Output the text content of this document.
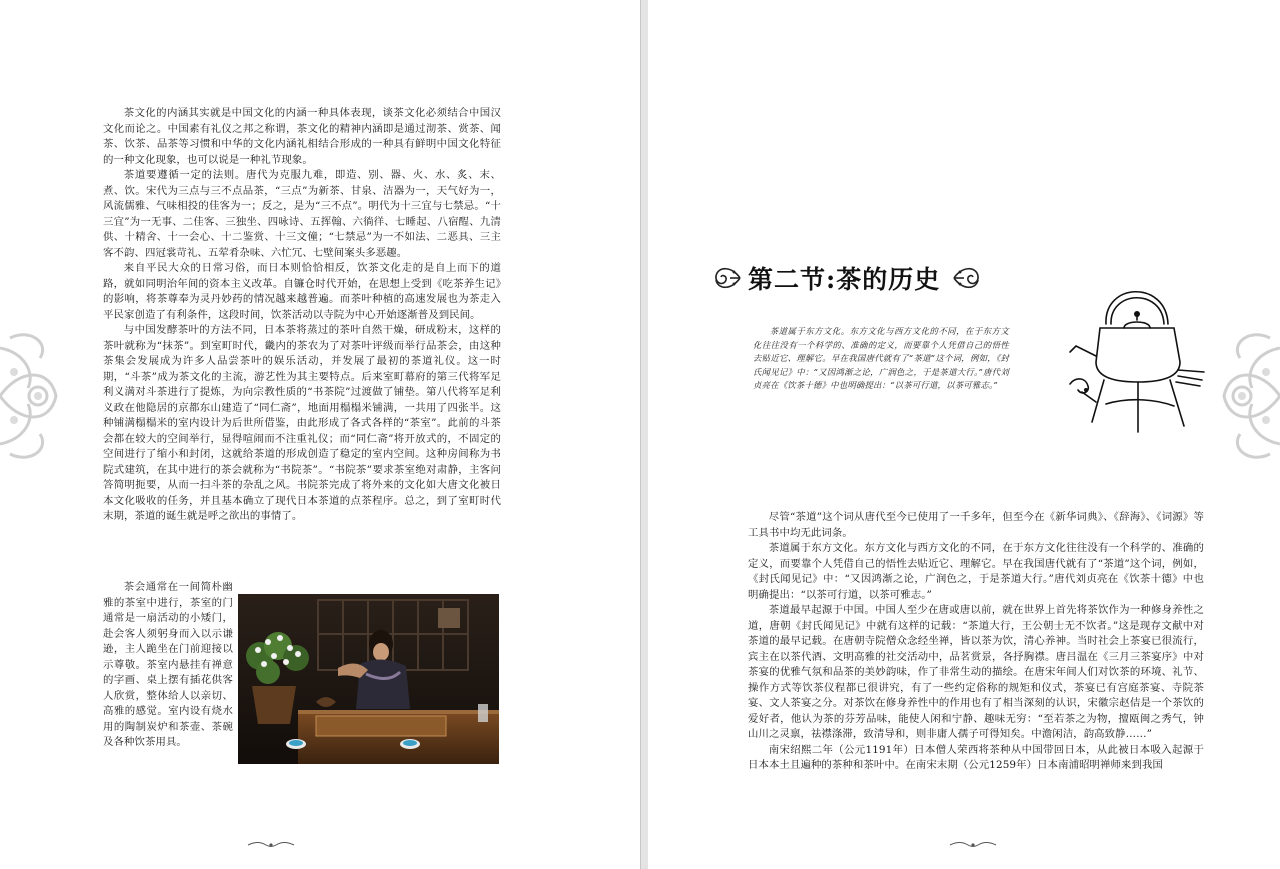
茶文化的内涵其实就是中国文化的内涵一种具体表现，谈茶文化必须结合中国汉文化而论之。中国素有礼仪之邦之称谓，茶文化的精神内涵即是通过沏茶、赏茶、闻茶、饮茶、品茶等习惯和中华的文化内涵礼相结合形成的一种具有鲜明中国文化特征的一种文化现象，也可以说是一种礼节现象。

茶道要遵循一定的法则。唐代为克服九难，即造、别、器、火、水、炙、末、煮、饮。宋代为三点与三不点品茶，“三点”为新茶、甘泉、洁器为一，天气好为一，风流儒雅、气味相投的佳客为一；反之，是为“三不点”。明代为十三宜与七禁忌。“十三宜”为一无事、二佳客、三独坐、四咏诗、五挥翰、六徜徉、七睡起、八宿酲、九清供、十精舍、十一会心、十二鉴赏、十三文僮；“七禁忌”为一不如法、二恶具、三主客不韵、四冠裳苛礼、五荤肴杂味、六忙冗、七壁间案头多恶趣。

来自平民大众的日常习俗，而日本则恰恰相反，饮茶文化走的是自上而下的道路，就如同明治年间的资本主义改革。自镰仓时代开始，在思想上受到《吃茶养生记》的影响，将茶尊奉为灵丹妙药的情况越来越普遍。而茶叶种植的高速发展也为茶走入平民家创造了有利条件，这段时间，饮茶活动以寺院为中心开始逐渐普及到民间。

与中国发酵茶叶的方法不同，日本茶将蒸过的茶叶自然干燥，研成粉末，这样的茶叶就称为“抹茶”。到室町时代，畿内的茶农为了对茶叶评级而举行品茶会，由这种茶集会发展成为许多人品尝茶叶的娱乐活动，并发展了最初的茶道礼仪。这一时期，“斗茶”成为茶文化的主流，游艺性为其主要特点。后来室町幕府的第三代将军足利义满对斗茶进行了提炼，为向宗教性质的“书茶院”过渡做了铺垫。第八代将军足利义政在他隐居的京都东山建造了“同仁斋”，地面用榻榻米铺满，一共用了四张半。这种铺满榻榻米的室内设计为后世所借鉴，由此形成了各式各样的“茶室”。此前的斗茶会都在较大的空间举行，显得喧闹而不注重礼仪；而“同仁斋”将开放式的，不固定的空间进行了缩小和封闭，这就给茶道的形成创造了稳定的室内空间。这种房间称为书院式建筑，在其中进行的茶会就称为“书院茶”。“书院茶”要求茶室绝对肃静，主客问答简明扼要，从而一扫斗茶的杂乱之风。书院茶完成了将外来的文化如大唐文化被日本文化吸收的任务，并且基本确立了现代日本茶道的点茶程序。总之，到了室町时代末期，茶道的诞生就是呼之欲出的事情了。

茶会通常在一间简朴幽雅的茶室中进行，茶室的门通常是一扇活动的小矮门，赴会客人须躬身而入以示谦逊，主人跪坐在门前迎接以示尊敬。茶室内悬挂有禅意的字画、桌上摆有插花供客人欣赏，整体给人以亲切、高雅的感觉。室内设有烧水用的陶制炭炉和茶壶、茶碗及各种饮茶用具。

第二节:茶的历史

茶道属于东方文化。东方文化与西方文化的不同，在于东方文化往往没有一个科学的、准确的定义，而要靠个人凭借自己的悟性去贴近它、理解它。早在我国唐代就有了“茶道”这个词，例如，《封氏闻见记》中：“又因鸿渐之论，广润色之，于是茶道大行。”唐代刘贞亮在《饮茶十德》中也明确提出：“以茶可行道，以茶可雅志。”

尽管“茶道”这个词从唐代至今已使用了一千多年，但至今在《新华词典》、《辞海》、《词源》等工具书中均无此词条。

茶道属于东方文化。东方文化与西方文化的不同，在于东方文化往往没有一个科学的、准确的定义，而要靠个人凭借自己的悟性去贴近它、理解它。早在我国唐代就有了“茶道”这个词，例如，《封氏闻见记》中：“又因鸿渐之论，广润色之，于是茶道大行。”唐代刘贞亮在《饮茶十德》中也明确提出：“以茶可行道，以茶可雅志。”

茶道最早起源于中国。中国人至少在唐或唐以前，就在世界上首先将茶饮作为一种修身养性之道，唐朝《封氏闻见记》中就有这样的记载：“茶道大行，王公朝士无不饮者。”这是现存文献中对茶道的最早记载。在唐朝寺院僧众念经坐禅，皆以茶为饮，清心养神。当时社会上茶宴已很流行，宾主在以茶代酒、文明高雅的社交活动中，品茗赏景，各抒胸襟。唐吕温在《三月三茶宴序》中对茶宴的优雅气氛和品茶的美妙韵味，作了非常生动的描绘。在唐宋年间人们对饮茶的环境、礼节、操作方式等饮茶仪程都已很讲究，有了一些约定俗称的规矩和仪式，茶宴已有宫庭茶宴、寺院茶宴、文人茶宴之分。对茶饮在修身养性中的作用也有了相当深刻的认识，宋徽宗赵佶是一个茶饮的爱好者，他认为茶的芬芳品味，能使人闲和宁静、趣味无穷：“至若茶之为物，擅瓯闽之秀气，钟山川之灵禀，祛襟涤滞，致清导和，则非庸人孺子可得知矣。中澹闲洁，韵高致静……”

南宋绍熙二年（公元1191年）日本僧人荣西将茶种从中国带回日本，从此被日本吸入起源于日本本土且遍种的茶种和茶叶中。在南宋末期（公元1259年）日本南浦昭明禅师来到我国
